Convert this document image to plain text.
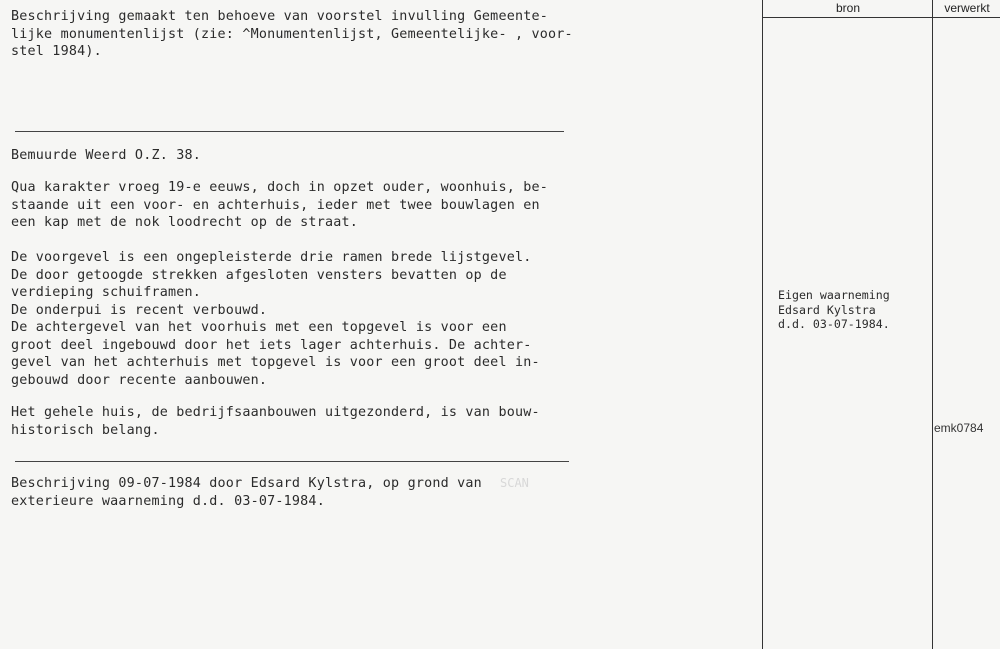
Beschrijving gemaakt ten behoeve van voorstel invulling Gemeente-
lijke monumentenlijst (zie: ^Monumentenlijst, Gemeentelijke- , voor-
stel 1984).
Bemuurde Weerd O.Z. 38.
Qua karakter vroeg 19-e eeuws, doch in opzet ouder, woonhuis, be-
staande uit een voor- en achterhuis, ieder met twee bouwlagen en
een kap met de nok loodrecht op de straat.
De voorgevel is een ongepleisterde drie ramen brede lijstgevel.
De door getoogde strekken afgesloten vensters bevatten op de
verdieping schuiframen.
De onderpui is recent verbouwd.
De achtergevel van het voorhuis met een topgevel is voor een
groot deel ingebouwd door het iets lager achterhuis. De achter-
gevel van het achterhuis met topgevel is voor een groot deel in-
gebouwd door recente aanbouwen.
Het gehele huis, de bedrijfsaanbouwen uitgezonderd, is van bouw-
historisch belang.
Beschrijving 09-07-1984 door Edsard Kylstra, op grond van
exterieure waarneming d.d. 03-07-1984.
SCAN
bron	verwerkt
Eigen waarneming
Edsard Kylstra
d.d. 03-07-1984.
emk0784
